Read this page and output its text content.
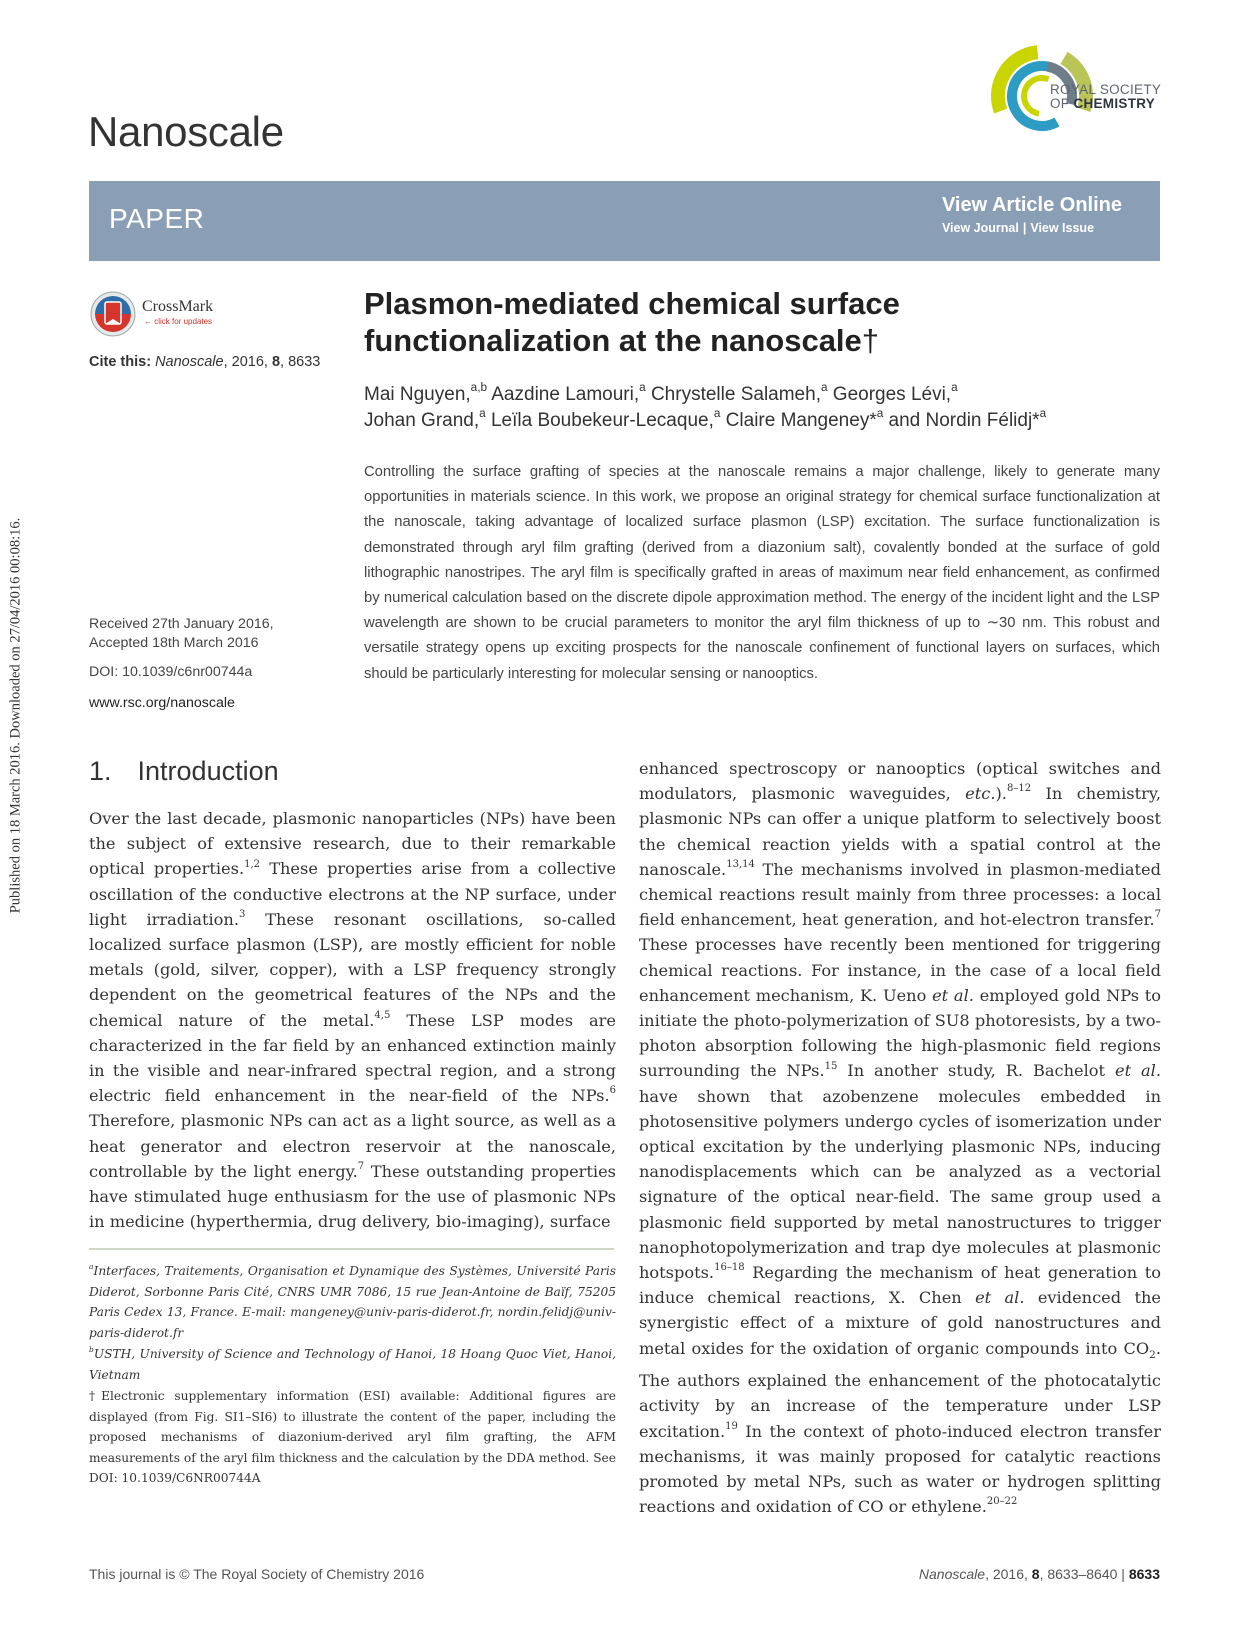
Published on 18 March 2016. Downloaded on 27/04/2016 00:08:16.
Nanoscale
ROYAL SOCIETY
OF CHEMISTRY
PAPER	View Article Online
View Journal | View Issue
CrossMark
← click for updates
Cite this: Nanoscale, 2016, 8, 8633
Plasmon-mediated chemical surface
functionalization at the nanoscale†
Mai Nguyen,$^{a,b}$ Aazdine Lamouri,$^a$ Chrystelle Salameh,$^a$ Georges Lévi,$^a$
Johan Grand,$^a$ Leïla Boubekeur-Lecaque,$^a$ Claire Mangeney*$^a$ and Nordin Félidj*$^a$
Controlling the surface grafting of species at the nanoscale remains a major challenge, likely to generate many opportunities in materials science. In this work, we propose an original strategy for chemical surface functionalization at the nanoscale, taking advantage of localized surface plasmon (LSP) excitation. The surface functionalization is demonstrated through aryl film grafting (derived from a diazonium salt), covalently bonded at the surface of gold lithographic nanostripes. The aryl film is specifically grafted in areas of maximum near field enhancement, as confirmed by numerical calculation based on the discrete dipole approximation method. The energy of the incident light and the LSP wavelength are shown to be crucial parameters to monitor the aryl film thickness of up to ∼30 nm. This robust and versatile strategy opens up exciting prospects for the nanoscale confinement of functional layers on surfaces, which should be particularly interesting for molecular sensing or nanooptics.
Received 27th January 2016,
Accepted 18th March 2016
DOI: 10.1039/c6nr00744a
www.rsc.org/nanoscale
1. Introduction
Over the last decade, plasmonic nanoparticles (NPs) have been the subject of extensive research, due to their remarkable optical properties.$^{1,2}$ These properties arise from a collective oscillation of the conductive electrons at the NP surface, under light irradiation.$^3$ These resonant oscillations, so-called localized surface plasmon (LSP), are mostly efficient for noble metals (gold, silver, copper), with a LSP frequency strongly dependent on the geometrical features of the NPs and the chemical nature of the metal.$^{4,5}$ These LSP modes are characterized in the far field by an enhanced extinction mainly in the visible and near-infrared spectral region, and a strong electric field enhancement in the near-field of the NPs.$^6$ Therefore, plasmonic NPs can act as a light source, as well as a heat generator and electron reservoir at the nanoscale, controllable by the light energy.$^7$ These outstanding properties have stimulated huge enthusiasm for the use of plasmonic NPs in medicine (hyperthermia, drug delivery, bio-imaging), surface
enhanced spectroscopy or nanooptics (optical switches and modulators, plasmonic waveguides, etc.).$^{8-12}$ In chemistry, plasmonic NPs can offer a unique platform to selectively boost the chemical reaction yields with a spatial control at the nanoscale.$^{13,14}$ The mechanisms involved in plasmon-mediated chemical reactions result mainly from three processes: a local field enhancement, heat generation, and hot-electron transfer.$^7$ These processes have recently been mentioned for triggering chemical reactions. For instance, in the case of a local field enhancement mechanism, K. Ueno et al. employed gold NPs to initiate the photo-polymerization of SU8 photoresists, by a two-photon absorption following the high-plasmonic field regions surrounding the NPs.$^{15}$ In another study, R. Bachelot et al. have shown that azobenzene molecules embedded in photosensitive polymers undergo cycles of isomerization under optical excitation by the underlying plasmonic NPs, inducing nanodisplacements which can be analyzed as a vectorial signature of the optical near-field. The same group used a plasmonic field supported by metal nanostructures to trigger nanophotopolymerization and trap dye molecules at plasmonic hotspots.$^{16-18}$ Regarding the mechanism of heat generation to induce chemical reactions, X. Chen et al. evidenced the synergistic effect of a mixture of gold nanostructures and metal oxides for the oxidation of organic compounds into $CO_2$. The authors explained the enhancement of the photocatalytic activity by an increase of the temperature under LSP excitation.$^{19}$ In the context of photo-induced electron transfer mechanisms, it was mainly proposed for catalytic reactions promoted by metal NPs, such as water or hydrogen splitting reactions and oxidation of CO or ethylene.$^{20-22}$

$^a$Interfaces, Traitements, Organisation et Dynamique des Systèmes, Université Paris Diderot, Sorbonne Paris Cité, CNRS UMR 7086, 15 rue Jean-Antoine de Baïf, 75205 Paris Cedex 13, France. E-mail: mangeney@univ-paris-diderot.fr, nordin.felidj@univ-paris-diderot.fr

$^b$USTH, University of Science and Technology of Hanoi, 18 Hoang Quoc Viet, Hanoi, Vietnam

†Electronic supplementary information (ESI) available: Additional figures are displayed (from Fig. SI1–SI6) to illustrate the content of the paper, including the proposed mechanisms of diazonium-derived aryl film grafting, the AFM measurements of the aryl film thickness and the calculation by the DDA method. See DOI: 10.1039/C6NR00744A

This journal is © The Royal Society of Chemistry 2016	Nanoscale, 2016, 8, 8633–8640 | 8633
